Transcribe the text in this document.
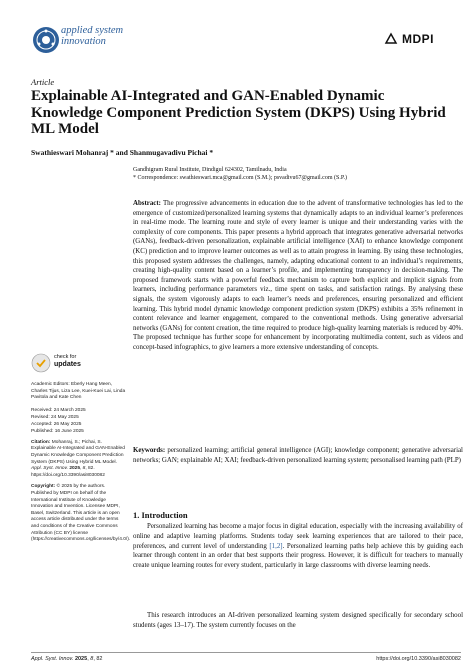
applied system
innovation	MDPI
Article
Explainable AI-Integrated and GAN-Enabled Dynamic Knowledge Component Prediction System (DKPS) Using Hybrid ML Model
Swathieswari Mohanraj * and Shanmugavadivu Pichai *
Gandhigram Rural Institute, Dindigul 624302, Tamilnadu, India
* Correspondence: swathieswari.mca@gmail.com (S.M.); psvadivu67@gmail.com (S.P.)
Abstract: The progressive advancements in education due to the advent of transformative technologies has led to the emergence of customized/personalized learning systems that dynamically adapts to an individual learner’s preferences in real-time mode. The learning route and style of every learner is unique and their understanding varies with the complexity of core components. This paper presents a hybrid approach that integrates generative adversarial networks (GANs), feedback-driven personalization, explainable artificial intelligence (XAI) to enhance knowledge component (KC) prediction and to improve learner outcomes as well as to attain progress in learning. By using these technologies, this proposed system addresses the challenges, namely, adapting educational content to an individual’s requirements, creating high-quality content based on a learner’s profile, and implementing transparency in decision-making. The proposed framework starts with a powerful feedback mechanism to capture both explicit and implicit signals from learners, including performance parameters viz., time spent on tasks, and satisfaction ratings. By analysing these signals, the system vigorously adapts to each learner’s needs and preferences, ensuring personalized and efficient learning. This hybrid model dynamic knowledge component prediction system (DKPS) exhibits a 35% refinement in content relevance and learner engagement, compared to the conventional methods. Using generative adversarial networks (GANs) for content creation, the time required to produce high-quality learning materials is reduced by 40%. The proposed technique has further scope for enhancement by incorporating multimedia content, such as videos and concept-based infographics, to give learners a more extensive understanding of concepts.
Keywords: personalized learning; artificial general intelligence (AGI); knowledge component; generative adversarial networks; GAN; explainable AI; XAI; feedback-driven personalized learning system; personalised learning path (PLP)
1. Introduction
Personalized learning has become a major focus in digital education, especially with the increasing availability of online and adaptive learning platforms. Students today seek learning experiences that are tailored to their pace, preferences, and current level of understanding [1,2]. Personalized learning paths help achieve this by guiding each learner through content in an order that best supports their progress. However, it is difficult for teachers to manually create unique learning routes for every student, particularly in large classrooms with diverse learning needs.
This research introduces an AI-driven personalized learning system designed specifically for secondary school students (ages 13–17). The system currently focuses on the
check for
updates

Academic Editors: Eberly Hang Meen, Charles Tijus, Liza Lee, Kuei-Kuei Lai, Linda Pavitola and Kate Chen

Received: 24 March 2025
Revised: 24 May 2025
Accepted: 26 May 2025
Published: 16 June 2025

Citation: Mohanraj, S.; Pichai, S. Explainable AI-Integrated and GAN-Enabled Dynamic Knowledge Component Prediction System (DKPS) Using Hybrid ML Model. Appl. Syst. Innov. 2025, 8, 82. https://doi.org/10.3390/asi8030082

Copyright: © 2025 by the authors. Published by MDPI on behalf of the International Institute of Knowledge Innovation and Invention. Licensee MDPI, Basel, Switzerland. This article is an open access article distributed under the terms and conditions of the Creative Commons Attribution (CC BY) license (https://creativecommons.org/licenses/by/4.0/).

Appl. Syst. Innov. 2025, 8, 82	https://doi.org/10.3390/asi8030082
